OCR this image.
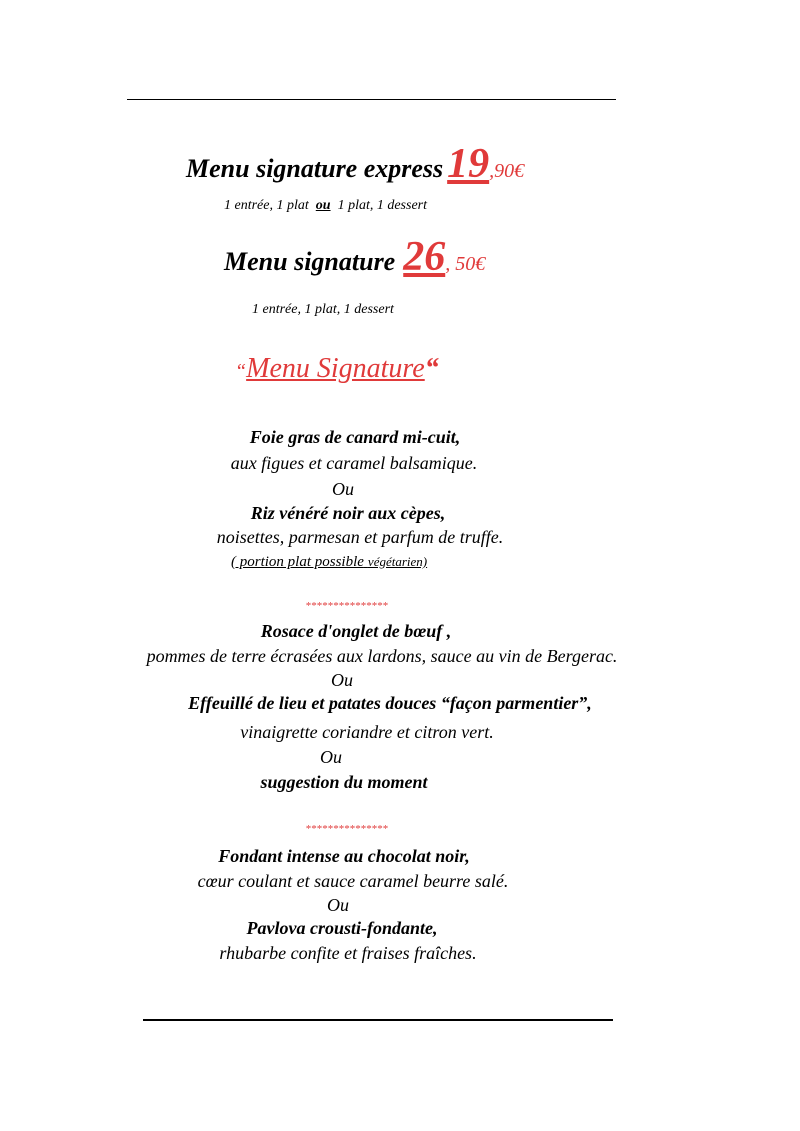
Menu signature express 19,90€
1 entrée, 1 plat ou 1 plat, 1 dessert
Menu signature 26, 50€
1 entrée, 1 plat, 1 dessert
“Menu Signature“
Foie gras de canard mi-cuit,
aux figues et caramel balsamique.
Ou
Riz vénéré noir aux cèpes,
noisettes, parmesan et parfum de truffe.
( portion plat possible végétarien)
***************
Rosace d'onglet de bœuf ,
pommes de terre écrasées aux lardons, sauce au vin de Bergerac.
Ou
Effeuillé de lieu et patates douces “façon parmentier”,
vinaigrette coriandre et citron vert.
Ou
suggestion du moment
***************
Fondant intense au chocolat noir,
cœur coulant et sauce caramel beurre salé.
Ou
Pavlova crousti-fondante,
rhubarbe confite et fraises fraîches.
